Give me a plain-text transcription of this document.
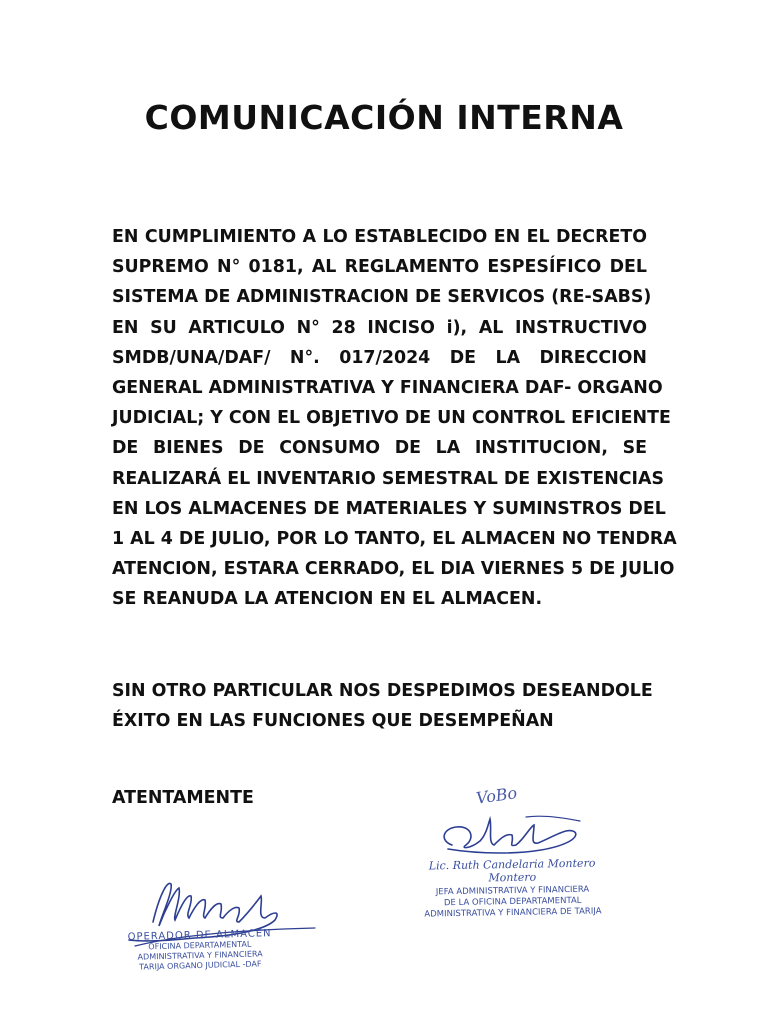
COMUNICACIÓN INTERNA
EN CUMPLIMIENTO A LO ESTABLECIDO EN EL DECRETO
SUPREMO N° 0181, AL REGLAMENTO ESPESÍFICO DEL
SISTEMA DE ADMINISTRACION DE SERVICOS (RE-SABS)
EN SU ARTICULO N° 28 INCISO i), AL INSTRUCTIVO
SMDB/UNA/DAF/ N°. 017/2024 DE LA DIRECCION
GENERAL ADMINISTRATIVA Y FINANCIERA DAF- ORGANO
JUDICIAL; Y CON EL OBJETIVO DE UN CONTROL EFICIENTE
DE BIENES DE CONSUMO DE LA INSTITUCION, SE
REALIZARÁ EL INVENTARIO SEMESTRAL DE EXISTENCIAS
EN LOS ALMACENES DE MATERIALES Y SUMINSTROS DEL
1 AL 4 DE JULIO, POR LO TANTO, EL ALMACEN NO TENDRA
ATENCION, ESTARA CERRADO, EL DIA VIERNES 5 DE JULIO
SE REANUDA LA ATENCION EN EL ALMACEN.
SIN OTRO PARTICULAR NOS DESPEDIMOS DESEANDOLE
ÉXITO EN LAS FUNCIONES QUE DESEMPEÑAN

ATENTAMENTE

OPERADOR DE ALMACEN
OFICINA DEPARTAMENTAL
ADMINISTRATIVA Y FINANCIERA
TARIJA ORGANO JUDICIAL -DAF
VoBo
Lic. Ruth Candelaria Montero Montero
JEFA ADMINISTRATIVA Y FINANCIERA
DE LA OFICINA DEPARTAMENTAL
ADMINISTRATIVA Y FINANCIERA DE TARIJA
